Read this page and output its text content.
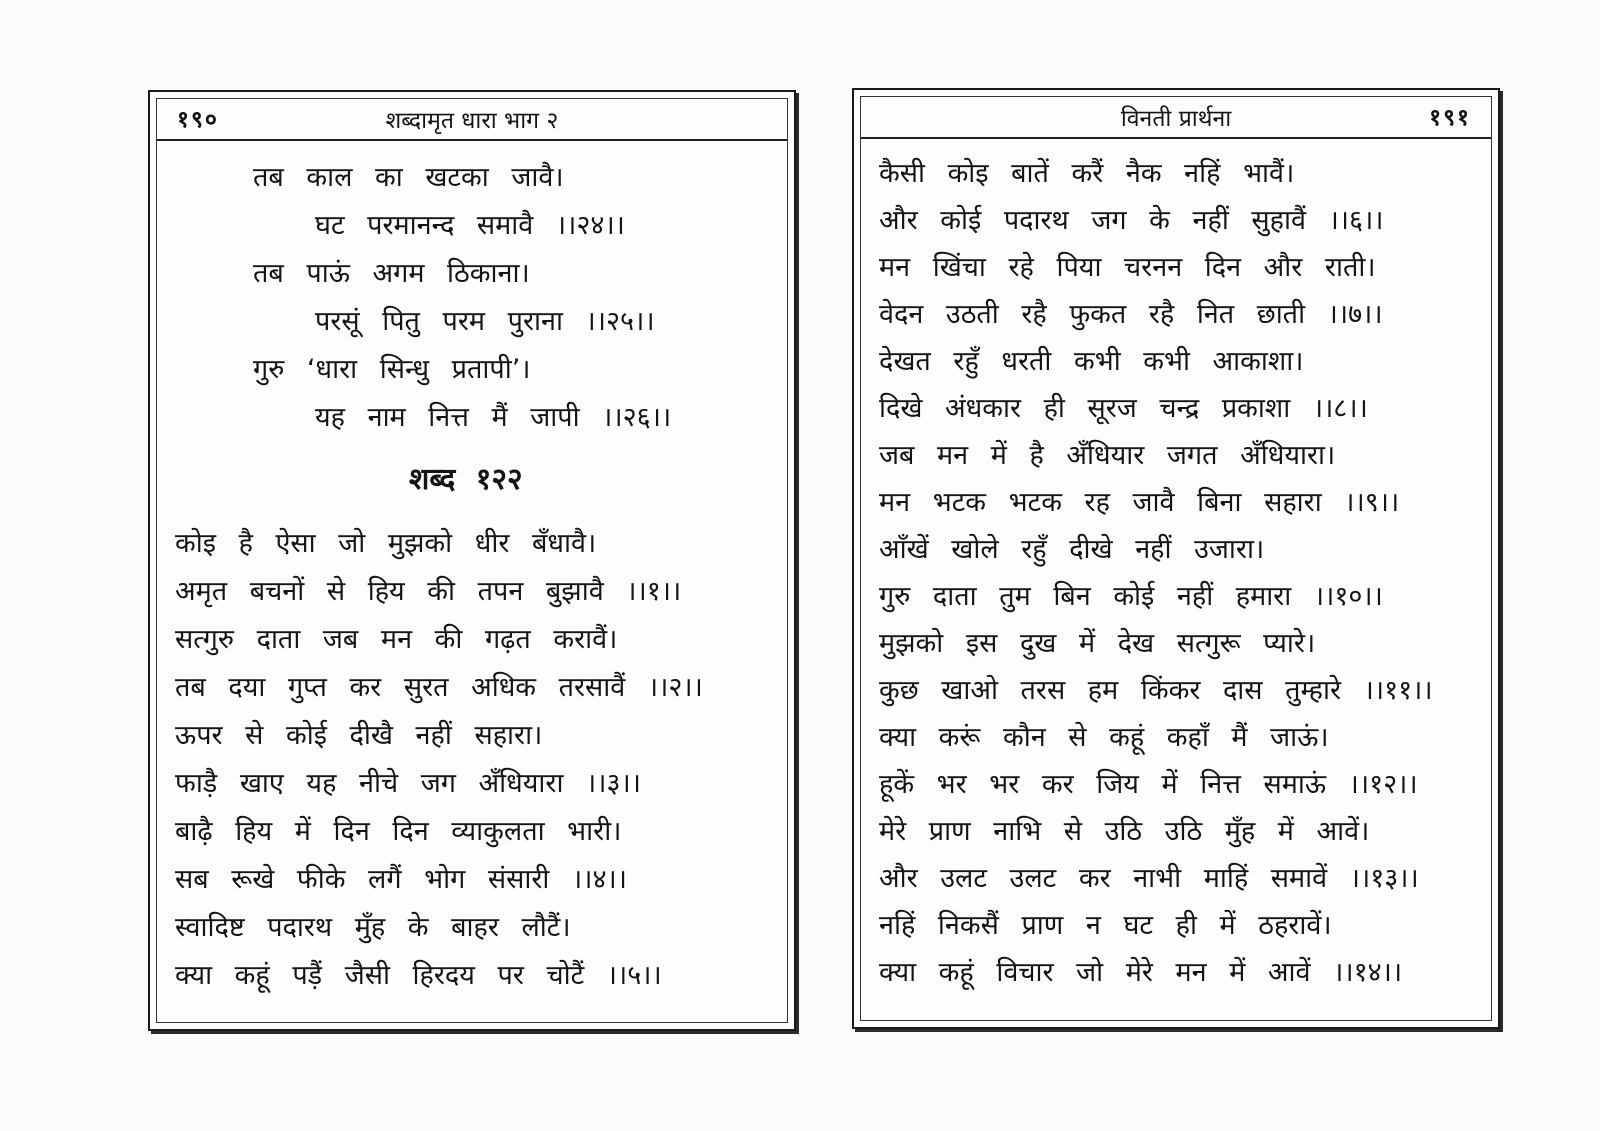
१९०	शब्दामृत धारा भाग २
तब काल का खटका जावै।
घट परमानन्द समावै ।।२४।।
तब पाऊं अगम ठिकाना।
परसूं पितु परम पुराना ।।२५।।
गुरु ‘धारा सिन्धु प्रतापी’।
यह नाम नित्त मैं जापी ।।२६।।
शब्द १२२
कोइ है ऐसा जो मुझको धीर बँधावै।
अमृत बचनों से हिय की तपन बुझावै ।।१।।
सत्गुरु दाता जब मन की गढ़त करावैं।
तब दया गुप्त कर सुरत अधिक तरसावैं ।।२।।
ऊपर से कोई दीखै नहीं सहारा।
फाड़ै खाए यह नीचे जग अँधियारा ।।३।।
बाढ़ै हिय में दिन दिन व्याकुलता भारी।
सब रूखे फीके लगैं भोग संसारी ।।४।।
स्वादिष्ट पदारथ मुँह के बाहर लौटैं।
क्या कहूं पड़ैं जैसी हिरदय पर चोटैं ।।५।।
विनती प्रार्थना	१९१
कैसी कोइ बातें करैं नैक नहिं भावैं।
और कोई पदारथ जग के नहीं सुहावैं ।।६।।
मन खिंचा रहे पिया चरनन दिन और राती।
वेदन उठती रहै फुकत रहै नित छाती ।।७।।
देखत रहुँ धरती कभी कभी आकाशा।
दिखे अंधकार ही सूरज चन्द्र प्रकाशा ।।८।।
जब मन में है अँधियार जगत अँधियारा।
मन भटक भटक रह जावै बिना सहारा ।।९।।
आँखें खोले रहुँ दीखे नहीं उजारा।
गुरु दाता तुम बिन कोई नहीं हमारा ।।१०।।
मुझको इस दुख में देख सत्गुरू प्यारे।
कुछ खाओ तरस हम किंकर दास तुम्हारे ।।११।।
क्या करूं कौन से कहूं कहाँ मैं जाऊं।
हूकें भर भर कर जिय में नित्त समाऊं ।।१२।।
मेरे प्राण नाभि से उठि उठि मुँह में आवें।
और उलट उलट कर नाभी माहिं समावें ।।१३।।
नहिं निकसैं प्राण न घट ही में ठहरावें।
क्या कहूं विचार जो मेरे मन में आवें ।।१४।।
